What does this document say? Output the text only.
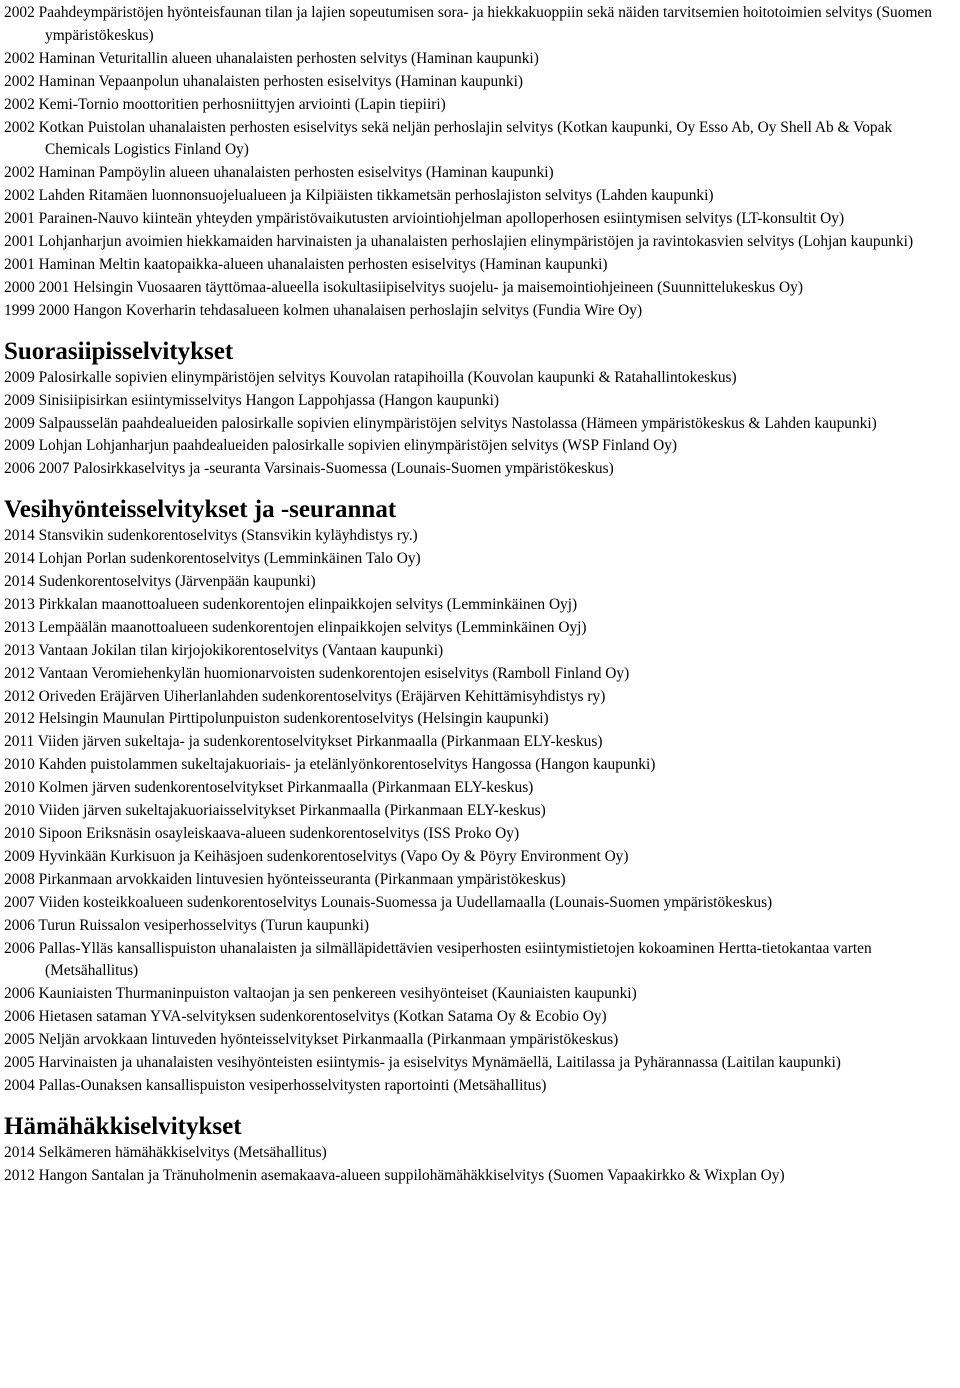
2002 Paahdeympäristöjen hyönteisfaunan tilan ja lajien sopeutumisen sora- ja hiekkakuoppiin sekä näiden tarvitsemien hoitotoimien selvitys (Suomen ympäristökeskus)

2002 Haminan Veturitallin alueen uhanalaisten perhosten selvitys (Haminan kaupunki)

2002 Haminan Vepaanpolun uhanalaisten perhosten esiselvitys (Haminan kaupunki)

2002 Kemi-Tornio moottoritien perhosniittyjen arviointi (Lapin tiepiiri)

2002 Kotkan Puistolan uhanalaisten perhosten esiselvitys sekä neljän perhoslajin selvitys (Kotkan kaupunki, Oy Esso Ab, Oy Shell Ab & Vopak Chemicals Logistics Finland Oy)

2002 Haminan Pampöylin alueen uhanalaisten perhosten esiselvitys (Haminan kaupunki)

2002 Lahden Ritamäen luonnonsuojelualueen ja Kilpiäisten tikkametsän perhoslajiston selvitys (Lahden kaupunki)

2001 Parainen-Nauvo kiinteän yhteyden ympäristövaikutusten arviointiohjelman apolloperhosen esiintymisen selvitys (LT-konsultit Oy)

2001 Lohjanharjun avoimien hiekkamaiden harvinaisten ja uhanalaisten perhoslajien elinympäristöjen ja ravintokasvien selvitys (Lohjan kaupunki)

2001 Haminan Meltin kaatopaikka-alueen uhanalaisten perhosten esiselvitys (Haminan kaupunki)

2000 2001 Helsingin Vuosaaren täyttömaa-alueella isokultasiipiselvitys suojelu- ja maisemointiohjeineen (Suunnittelukeskus Oy)

1999 2000 Hangon Koverharin tehdasalueen kolmen uhanalaisen perhoslajin selvitys (Fundia Wire Oy)

Suorasiipisselvitykset

2009 Palosirkalle sopivien elinympäristöjen selvitys Kouvolan ratapihoilla (Kouvolan kaupunki & Ratahallintokeskus)

2009 Sinisiipisirkan esiintymisselvitys Hangon Lappohjassa (Hangon kaupunki)

2009 Salpausselän paahdealueiden palosirkalle sopivien elinympäristöjen selvitys Nastolassa (Hämeen ympäristökeskus & Lahden kaupunki)

2009 Lohjan Lohjanharjun paahdealueiden palosirkalle sopivien elinympäristöjen selvitys (WSP Finland Oy)

2006 2007 Palosirkkaselvitys ja -seuranta Varsinais-Suomessa (Lounais-Suomen ympäristökeskus)

Vesihyönteisselvitykset ja -seurannat

2014 Stansvikin sudenkorentoselvitys (Stansvikin kyläyhdistys ry.)

2014 Lohjan Porlan sudenkorentoselvitys (Lemminkäinen Talo Oy)

2014 Sudenkorentoselvitys (Järvenpään kaupunki)

2013 Pirkkalan maanottoalueen sudenkorentojen elinpaikkojen selvitys (Lemminkäinen Oyj)

2013 Lempäälän maanottoalueen sudenkorentojen elinpaikkojen selvitys (Lemminkäinen Oyj)

2013 Vantaan Jokilan tilan kirjojokikorentoselvitys (Vantaan kaupunki)

2012 Vantaan Veromiehenkylän huomionarvoisten sudenkorentojen esiselvitys (Ramboll Finland Oy)

2012 Oriveden Eräjärven Uiherlanlahden sudenkorentoselvitys (Eräjärven Kehittämisyhdistys ry)

2012 Helsingin Maunulan Pirttipolunpuiston sudenkorentoselvitys (Helsingin kaupunki)

2011 Viiden järven sukeltaja- ja sudenkorentoselvitykset Pirkanmaalla (Pirkanmaan ELY-keskus)

2010 Kahden puistolammen sukeltajakuoriais- ja etelänlyönkorentoselvitys Hangossa (Hangon kaupunki)

2010 Kolmen järven sudenkorentoselvitykset Pirkanmaalla (Pirkanmaan ELY-keskus)

2010 Viiden järven sukeltajakuoriaisselvitykset Pirkanmaalla (Pirkanmaan ELY-keskus)

2010 Sipoon Eriksnäsin osayleiskaava-alueen sudenkorentoselvitys (ISS Proko Oy)

2009 Hyvinkään Kurkisuon ja Keihäsjoen sudenkorentoselvitys (Vapo Oy & Pöyry Environment Oy)

2008 Pirkanmaan arvokkaiden lintuvesien hyönteisseuranta (Pirkanmaan ympäristökeskus)

2007 Viiden kosteikkoalueen sudenkorentoselvitys Lounais-Suomessa ja Uudellamaalla (Lounais-Suomen ympäristökeskus)

2006 Turun Ruissalon vesiperhosselvitys (Turun kaupunki)

2006 Pallas-Ylläs kansallispuiston uhanalaisten ja silmälläpidettävien vesiperhosten esiintymistietojen kokoaminen Hertta-tietokantaa varten (Metsähallitus)

2006 Kauniaisten Thurmaninpuiston valtaojan ja sen penkereen vesihyönteiset (Kauniaisten kaupunki)

2006 Hietasen sataman YVA-selvityksen sudenkorentoselvitys (Kotkan Satama Oy & Ecobio Oy)

2005 Neljän arvokkaan lintuveden hyönteisselvitykset Pirkanmaalla (Pirkanmaan ympäristökeskus)

2005 Harvinaisten ja uhanalaisten vesihyönteisten esiintymis- ja esiselvitys Mynämäellä, Laitilassa ja Pyhärannassa (Laitilan kaupunki)

2004 Pallas-Ounaksen kansallispuiston vesiperhosselvitysten raportointi (Metsähallitus)

Hämähäkkiselvitykset

2014 Selkämeren hämähäkkiselvitys (Metsähallitus)

2012 Hangon Santalan ja Tränuholmenin asemakaava-alueen suppilohämähäkkiselvitys (Suomen Vapaakirkko & Wixplan Oy)
